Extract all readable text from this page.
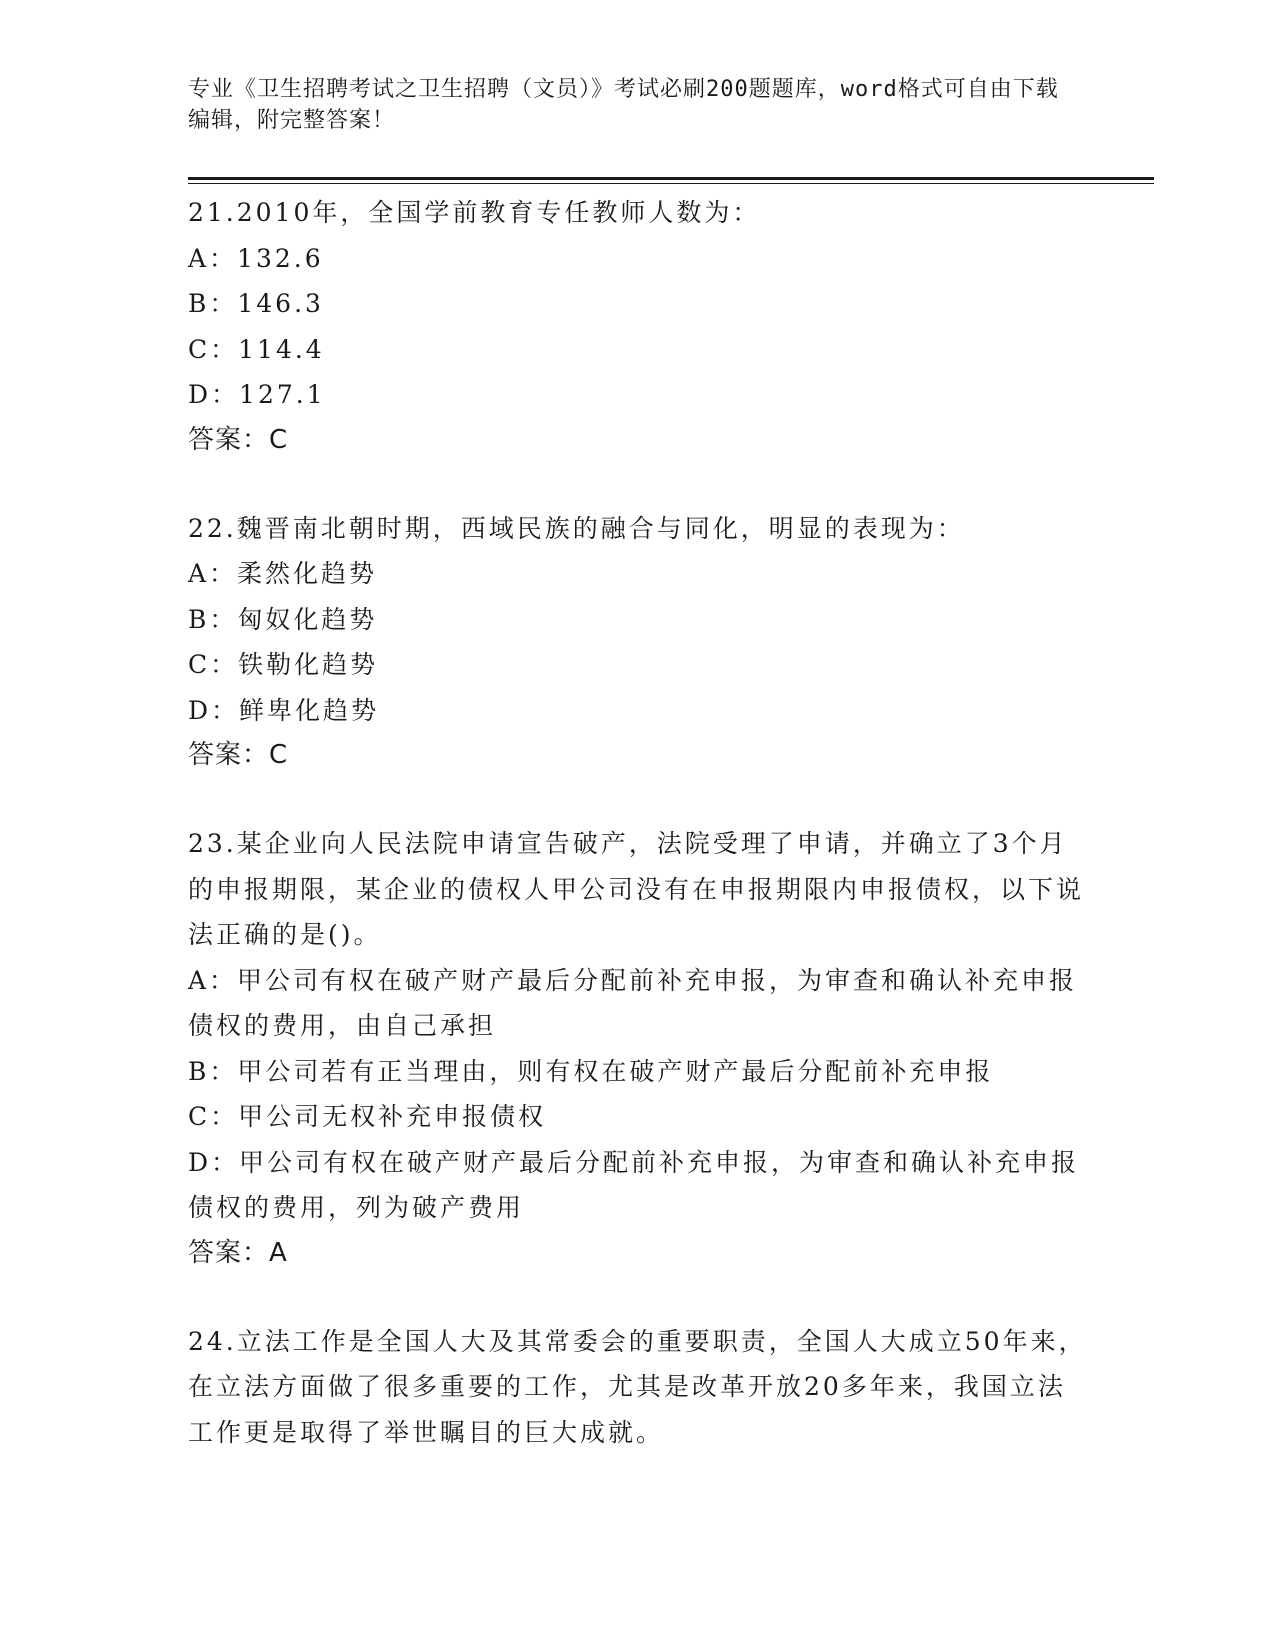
专业《卫生招聘考试之卫生招聘（文员）》考试必刷200题题库，word格式可自由下载编辑，附完整答案！

21.2010年，全国学前教育专任教师人数为：

A：132.6

B：146.3

C：114.4

D：127.1

答案：C

22.魏晋南北朝时期，西域民族的融合与同化，明显的表现为：

A：柔然化趋势

B：匈奴化趋势

C：铁勒化趋势

D：鲜卑化趋势

答案：C

23.某企业向人民法院申请宣告破产，法院受理了申请，并确立了3个月的申报期限，某企业的债权人甲公司没有在申报期限内申报债权，以下说法正确的是()。

A：甲公司有权在破产财产最后分配前补充申报，为审查和确认补充申报债权的费用，由自己承担

B：甲公司若有正当理由，则有权在破产财产最后分配前补充申报

C：甲公司无权补充申报债权

D：甲公司有权在破产财产最后分配前补充申报，为审查和确认补充申报债权的费用，列为破产费用

答案：A

24.立法工作是全国人大及其常委会的重要职责，全国人大成立50年来，在立法方面做了很多重要的工作，尤其是改革开放20多年来，我国立法工作更是取得了举世瞩目的巨大成就。
